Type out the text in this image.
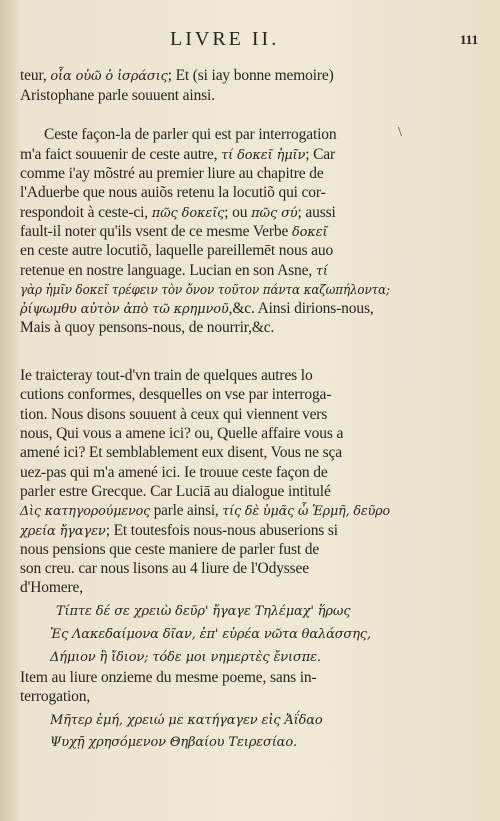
LIVRE II.	111
\
teur, οἷα οὐῶ ὁ ἰσράσις; Et (si iay bonne memoire)
Aristophane parle souuent ainsi.
Ceste façon-la de parler qui est par interrogation
m'a faict souuenir de ceste autre, τί δοκεῖ ἡμῖν; Car
comme i'ay mõstré au premier liure au chapitre de
l'Aduerbe que nous auiõs retenu la locutiõ qui cor-
respondoit à ceste-ci, πῶς δοκεῖς; ou πῶς σύ; aussi
fault-il noter qu'ils vsent de ce mesme Verbe δοκεῖ
en ceste autre locutiõ, laquelle pareillemēt nous auo
retenue en nostre language. Lucian en son Asne, τί
γὰρ ἡμῖν δοκεῖ τρέφειν τὸν ὄνον τοῦτον πάντα καζωπήλοντα;
ῥίψωμθυ αὐτὸν ἀπὸ τῶ κρημνοῦ,&c. Ainsi dirions-nous,
Mais à quoy pensons-nous, de nourrir,&c.
Ie traicteray tout-d'vn train de quelques autres lo
cutions conformes, desquelles on vse par interroga-
tion. Nous disons souuent à ceux qui viennent vers
nous, Qui vous a amene ici? ou, Quelle affaire vous a
amené ici? Et semblablement eux disent, Vous ne sça
uez-pas qui m'a amené ici. Ie trouue ceste façon de
parler estre Grecque. Car Luciā au dialogue intitulé
Δὶς κατηγορούμενος parle ainsi, τίς δὲ ὑμᾶς ὦ Ἑρμῆ, δεῦρο
χρεία ἤγαγεν; Et toutesfois nous-nous abuserions si
nous pensions que ceste maniere de parler fust de
son creu. car nous lisons au 4 liure de l'Odyssee
d'Homere,
Τίπτε δέ σε χρειὼ δεῦρ' ἤγαγε Τηλέμαχ' ἥρως
Ἐς Λακεδαίμονα δῖαν, ἐπ' εὐρέα νῶτα θαλάσσης,
Δήμιον ἢ ἴδιον; τόδε μοι νημερτὲς ἔνισπε.
Item au liure onzieme du mesme poeme, sans in-
terrogation,
Μῆτερ ἐμή, χρειώ με κατήγαγεν εἰς Ἀΐδαο
Ψυχῇ χρησόμενον Θηβαίου Τειρεσίαο.
